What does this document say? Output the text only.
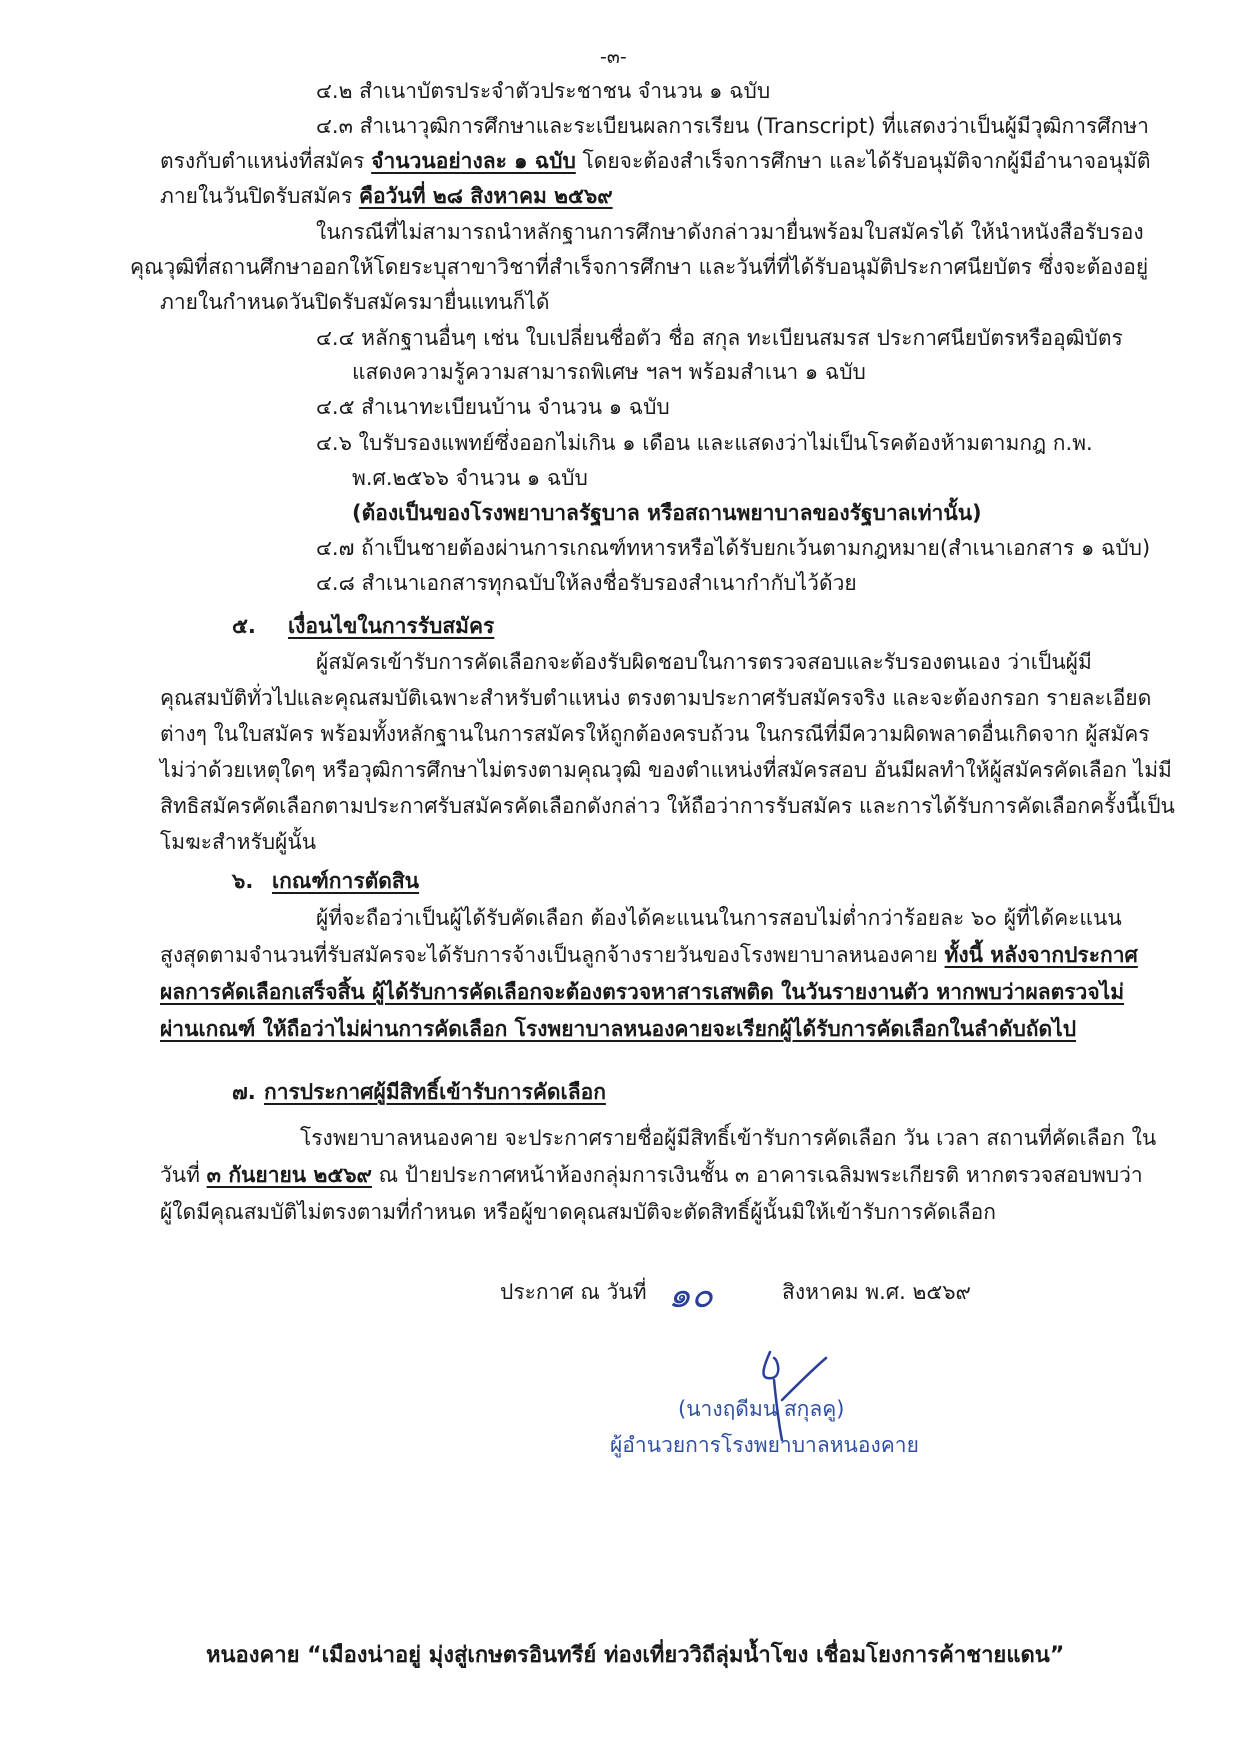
-๓-
๔.๒ สำเนาบัตรประจำตัวประชาชน จำนวน ๑ ฉบับ
๔.๓ สำเนาวุฒิการศึกษาและระเบียนผลการเรียน (Transcript) ที่แสดงว่าเป็นผู้มีวุฒิการศึกษา
ตรงกับตำแหน่งที่สมัคร จำนวนอย่างละ ๑ ฉบับ โดยจะต้องสำเร็จการศึกษา และได้รับอนุมัติจากผู้มีอำนาจอนุมัติ
ภายในวันปิดรับสมัคร คือวันที่ ๒๘ สิงหาคม ๒๕๖๙
ในกรณีที่ไม่สามารถนำหลักฐานการศึกษาดังกล่าวมายื่นพร้อมใบสมัครได้ ให้นำหนังสือรับรอง
คุณวุฒิที่สถานศึกษาออกให้โดยระบุสาขาวิชาที่สำเร็จการศึกษา และวันที่ที่ได้รับอนุมัติประกาศนียบัตร ซึ่งจะต้องอยู่
ภายในกำหนดวันปิดรับสมัครมายื่นแทนก็ได้
๔.๔ หลักฐานอื่นๆ เช่น ใบเปลี่ยนชื่อตัว ชื่อ สกุล ทะเบียนสมรส ประกาศนียบัตรหรืออุฒิบัตร
แสดงความรู้ความสามารถพิเศษ ฯลฯ พร้อมสำเนา ๑ ฉบับ
๔.๕ สำเนาทะเบียนบ้าน จำนวน ๑ ฉบับ
๔.๖ ใบรับรองแพทย์ซึ่งออกไม่เกิน ๑ เดือน และแสดงว่าไม่เป็นโรคต้องห้ามตามกฎ ก.พ.
พ.ศ.๒๕๖๖ จำนวน ๑ ฉบับ
(ต้องเป็นของโรงพยาบาลรัฐบาล หรือสถานพยาบาลของรัฐบาลเท่านั้น)
๔.๗ ถ้าเป็นชายต้องผ่านการเกณฑ์ทหารหรือได้รับยกเว้นตามกฎหมาย(สำเนาเอกสาร ๑ ฉบับ)
๔.๘ สำเนาเอกสารทุกฉบับให้ลงชื่อรับรองสำเนากำกับไว้ด้วย
๕. เงื่อนไขในการรับสมัคร
ผู้สมัครเข้ารับการคัดเลือกจะต้องรับผิดชอบในการตรวจสอบและรับรองตนเอง ว่าเป็นผู้มี
คุณสมบัติทั่วไปและคุณสมบัติเฉพาะสำหรับตำแหน่ง ตรงตามประกาศรับสมัครจริง และจะต้องกรอก รายละเอียด
ต่างๆ ในใบสมัคร พร้อมทั้งหลักฐานในการสมัครให้ถูกต้องครบถ้วน ในกรณีที่มีความผิดพลาดอื่นเกิดจาก ผู้สมัคร
ไม่ว่าด้วยเหตุใดๆ หรือวุฒิการศึกษาไม่ตรงตามคุณวุฒิ ของตำแหน่งที่สมัครสอบ อันมีผลทำให้ผู้สมัครคัดเลือก ไม่มี
สิทธิสมัครคัดเลือกตามประกาศรับสมัครคัดเลือกดังกล่าว ให้ถือว่าการรับสมัคร และการได้รับการคัดเลือกครั้งนี้เป็น
โมฆะสำหรับผู้นั้น
๖. เกณฑ์การตัดสิน
ผู้ที่จะถือว่าเป็นผู้ได้รับคัดเลือก ต้องได้คะแนนในการสอบไม่ต่ำกว่าร้อยละ ๖๐ ผู้ที่ได้คะแนน
สูงสุดตามจำนวนที่รับสมัครจะได้รับการจ้างเป็นลูกจ้างรายวันของโรงพยาบาลหนองคาย ทั้งนี้ หลังจากประกาศ
ผลการคัดเลือกเสร็จสิ้น ผู้ได้รับการคัดเลือกจะต้องตรวจหาสารเสพติด ในวันรายงานตัว หากพบว่าผลตรวจไม่
ผ่านเกณฑ์ ให้ถือว่าไม่ผ่านการคัดเลือก โรงพยาบาลหนองคายจะเรียกผู้ได้รับการคัดเลือกในลำดับถัดไป
๗. การประกาศผู้มีสิทธิ์เข้ารับการคัดเลือก
โรงพยาบาลหนองคาย จะประกาศรายชื่อผู้มีสิทธิ์เข้ารับการคัดเลือก วัน เวลา สถานที่คัดเลือก ใน
วันที่ ๓ กันยายน ๒๕๖๙ ณ ป้ายประกาศหน้าห้องกลุ่มการเงินชั้น ๓ อาคารเฉลิมพระเกียรติ หากตรวจสอบพบว่า
ผู้ใดมีคุณสมบัติไม่ตรงตามที่กำหนด หรือผู้ขาดคุณสมบัติจะตัดสิทธิ์ผู้นั้นมิให้เข้ารับการคัดเลือก
ประกาศ ณ วันที่ ๑๐	สิงหาคม พ.ศ. ๒๕๖๙
(นางฤดีมน สกุลคู)
ผู้อำนวยการโรงพยาบาลหนองคาย
หนองคาย “เมืองน่าอยู่ มุ่งสู่เกษตรอินทรีย์ ท่องเที่ยววิถีลุ่มน้ำโขง เชื่อมโยงการค้าชายแดน”
